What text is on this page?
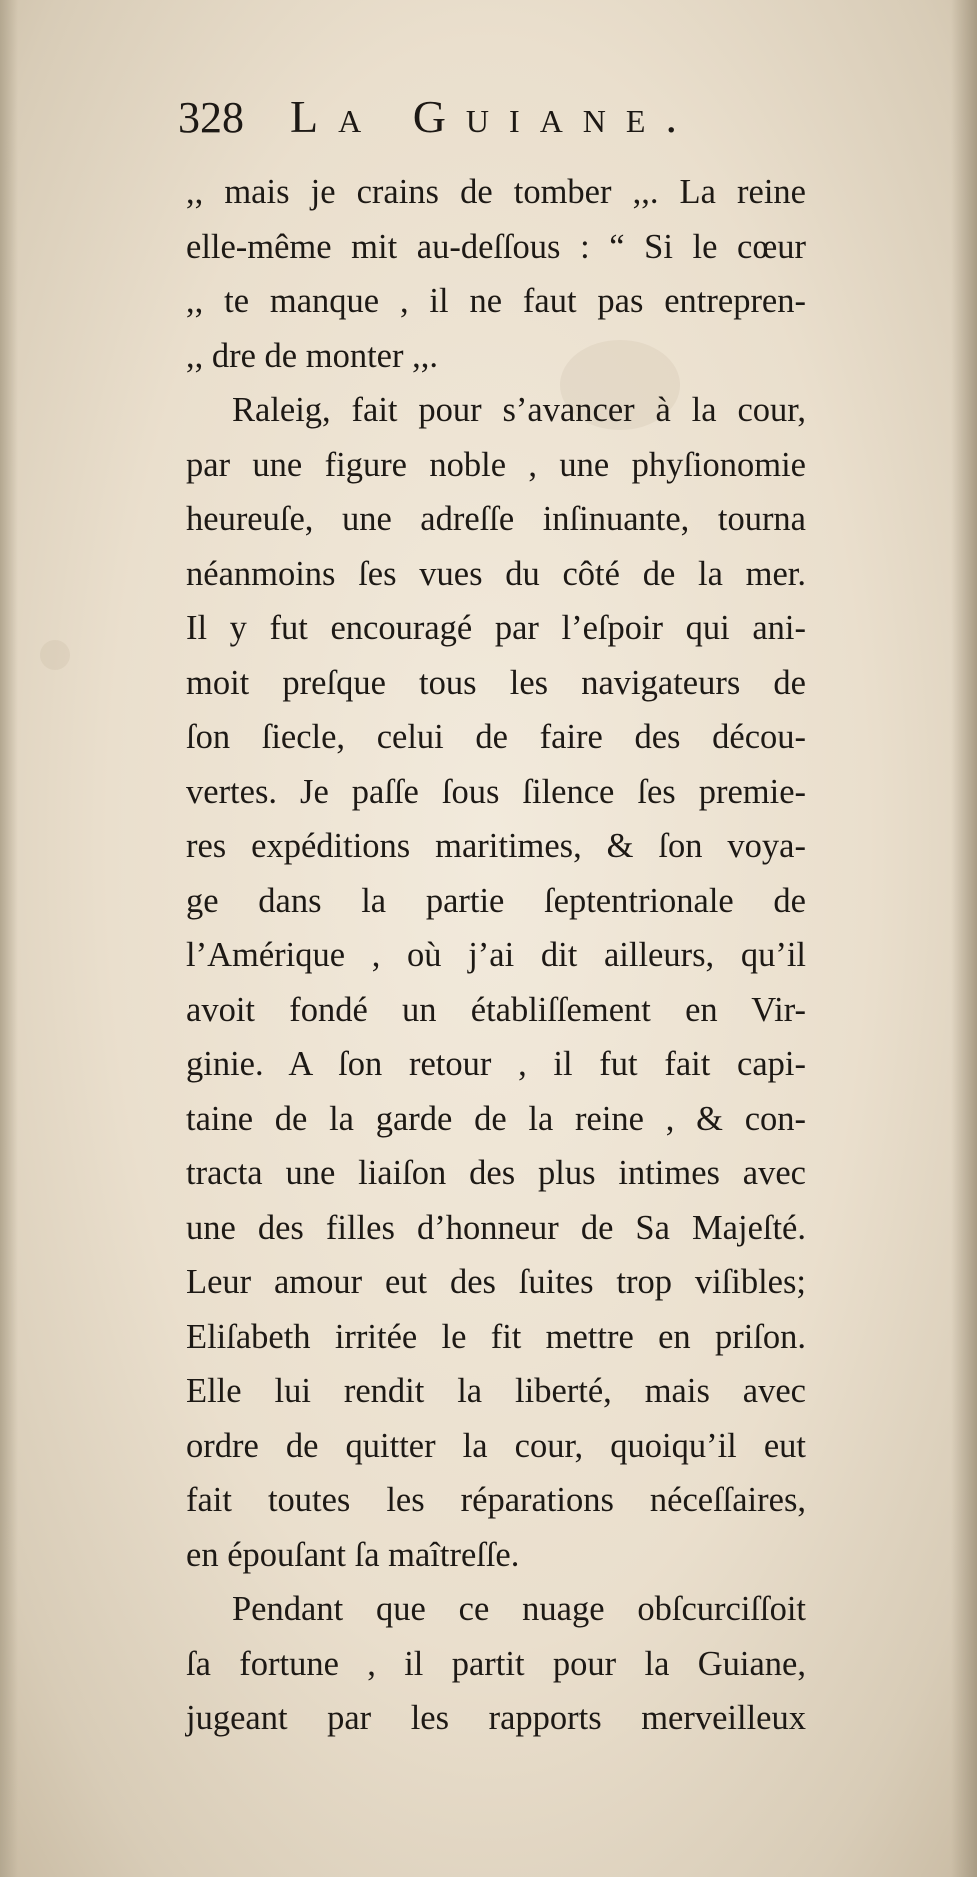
328	La Guiane.
,, mais je crains de tomber ,,. La reine
elle-même mit au-deſſous : “ Si le cœur
,, te manque , il ne faut pas entrepren-
,, dre de monter ,,.
Raleig, fait pour s’avancer à la cour,
par une figure noble , une phyſionomie
heureuſe, une adreſſe inſinuante, tourna
néanmoins ſes vues du côté de la mer.
Il y fut encouragé par l’eſpoir qui ani-
moit preſque tous les navigateurs de
ſon ſiecle, celui de faire des décou-
vertes. Je paſſe ſous ſilence ſes premie-
res expéditions maritimes, & ſon voya-
ge dans la partie ſeptentrionale de
l’Amérique , où j’ai dit ailleurs, qu’il
avoit fondé un établiſſement en Vir-
ginie. A ſon retour , il fut fait capi-
taine de la garde de la reine , & con-
tracta une liaiſon des plus intimes avec
une des filles d’honneur de Sa Majeſté.
Leur amour eut des ſuites trop viſibles;
Eliſabeth irritée le fit mettre en priſon.
Elle lui rendit la liberté, mais avec
ordre de quitter la cour, quoiqu’il eut
fait toutes les réparations néceſſaires,
en épouſant ſa maîtreſſe.
Pendant que ce nuage obſcurciſſoit
ſa fortune , il partit pour la Guiane,
jugeant par les rapports merveilleux
